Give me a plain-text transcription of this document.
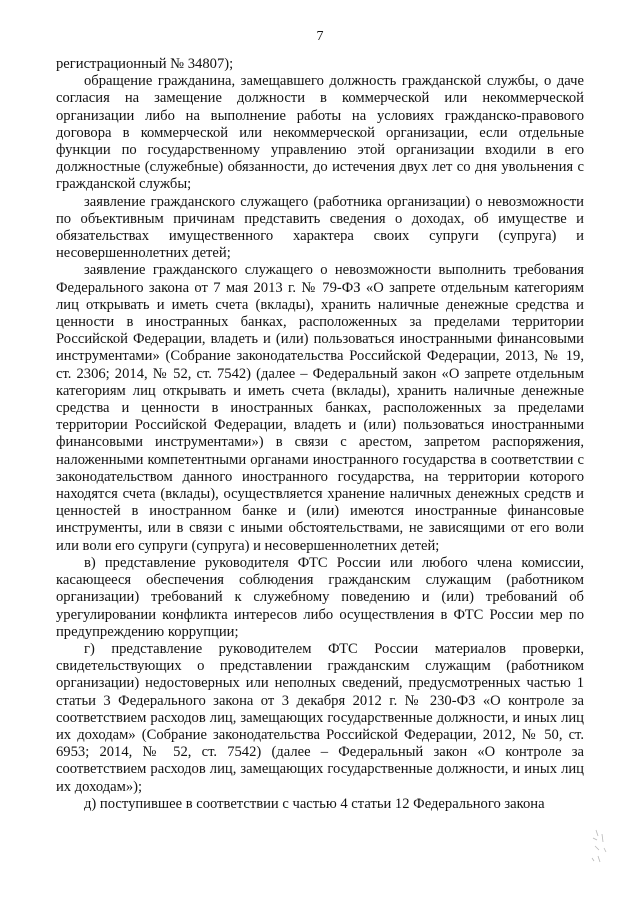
7

регистрационный № 34807);

обращение гражданина, замещавшего должность гражданской службы, о даче согласия на замещение должности в коммерческой или некоммерческой организации либо на выполнение работы на условиях гражданско-правового договора в коммерческой или некоммерческой организации, если отдельные функции по государственному управлению этой организации входили в его должностные (служебные) обязанности, до истечения двух лет со дня увольнения с гражданской службы;

заявление гражданского служащего (работника организации) о невозможности по объективным причинам представить сведения о доходах, об имуществе и обязательствах имущественного характера своих супруги (супруга) и несовершеннолетних детей;

заявление гражданского служащего о невозможности выполнить требования Федерального закона от 7 мая 2013 г. № 79-ФЗ «О запрете отдельным категориям лиц открывать и иметь счета (вклады), хранить наличные денежные средства и ценности в иностранных банках, расположенных за пределами территории Российской Федерации, владеть и (или) пользоваться иностранными финансовыми инструментами» (Собрание законодательства Российской Федерации, 2013, № 19, ст. 2306; 2014, № 52, ст. 7542) (далее – Федеральный закон «О запрете отдельным категориям лиц открывать и иметь счета (вклады), хранить наличные денежные средства и ценности в иностранных банках, расположенных за пределами территории Российской Федерации, владеть и (или) пользоваться иностранными финансовыми инструментами») в связи с арестом, запретом распоряжения, наложенными компетентными органами иностранного государства в соответствии с законодательством данного иностранного государства, на территории которого находятся счета (вклады), осуществляется хранение наличных денежных средств и ценностей в иностранном банке и (или) имеются иностранные финансовые инструменты, или в связи с иными обстоятельствами, не зависящими от его воли или воли его супруги (супруга) и несовершеннолетних детей;

в) представление руководителя ФТС России или любого члена комиссии, касающееся обеспечения соблюдения гражданским служащим (работником организации) требований к служебному поведению и (или) требований об урегулировании конфликта интересов либо осуществления в ФТС России мер по предупреждению коррупции;

г) представление руководителем ФТС России материалов проверки, свидетельствующих о представлении гражданским служащим (работником организации) недостоверных или неполных сведений, предусмотренных частью 1 статьи 3 Федерального закона от 3 декабря 2012 г. № 230-ФЗ «О контроле за соответствием расходов лиц, замещающих государственные должности, и иных лиц их доходам» (Собрание законодательства Российской Федерации, 2012, № 50, ст. 6953; 2014, № 52, ст. 7542) (далее – Федеральный закон «О контроле за соответствием расходов лиц, замещающих государственные должности, и иных лиц их доходам»);

д) поступившее в соответствии с частью 4 статьи 12 Федерального закона
